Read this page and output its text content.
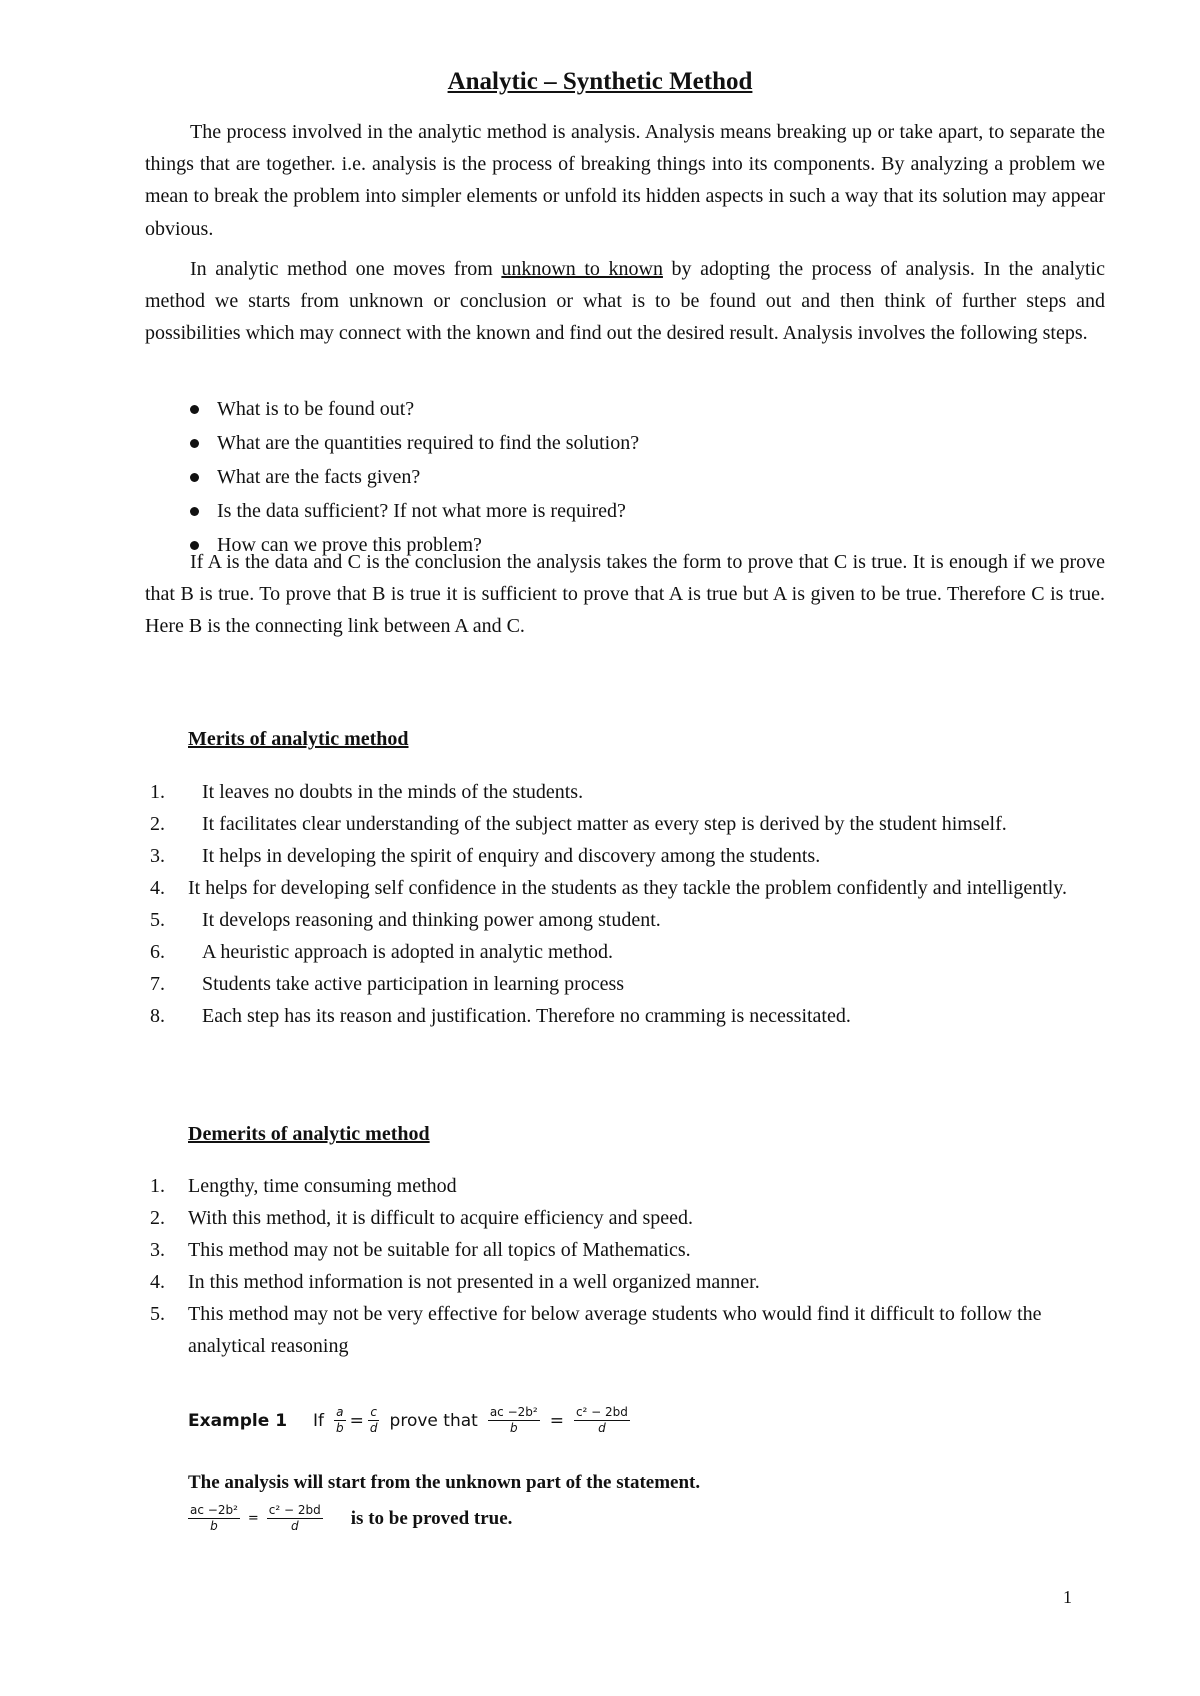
Analytic – Synthetic Method

The process involved in the analytic method is analysis. Analysis means breaking up or take apart, to separate the things that are together. i.e. analysis is the process of breaking things into its components. By analyzing a problem we mean to break the problem into simpler elements or unfold its hidden aspects in such a way that its solution may appear obvious.

In analytic method one moves from unknown to known by adopting the process of analysis. In the analytic method we starts from unknown or conclusion or what is to be found out and then think of further steps and possibilities which may connect with the known and find out the desired result. Analysis involves the following steps.

What is to be found out?
What are the quantities required to find the solution?
What are the facts given?
Is the data sufficient? If not what more is required?
How can we prove this problem?

If A is the data and C is the conclusion the analysis takes the form to prove that C is true. It is enough if we prove that B is true. To prove that B is true it is sufficient to prove that A is true but A is given to be true. Therefore C is true. Here B is the connecting link between A and C.

Merits of analytic method
1.	It leaves no doubts in the minds of the students.
2.	It facilitates clear understanding of the subject matter as every step is derived by the student himself.
3.	It helps in developing the spirit of enquiry and discovery among the students.
4.	It helps for developing self confidence in the students as they tackle the problem confidently and intelligently.
5.	It develops reasoning and thinking power among student.
6.	A heuristic approach is adopted in analytic method.
7.	Students take active participation in learning process
8.	Each step has its reason and justification. Therefore no cramming is necessitated.
Demerits of analytic method
1.	Lengthy, time consuming method
2.	With this method, it is difficult to acquire efficiency and speed.
3.	This method may not be suitable for all topics of Mathematics.
4.	In this method information is not presented in a well organized manner.
5.	This method may not be very effective for below average students who would find it difficult to follow the analytical reasoning
Example 1 If $\frac{a}{b} = \frac{c}{d}$ prove that $\frac{\text{ac −2b²}}{b} = \frac{\text{c² − 2bd}}{d}$

The analysis will start from the unknown part of the statement.

$\frac{\text{ac −2b²}}{b} = \frac{\text{c² − 2bd}}{d}$ is to be proved true.
1
